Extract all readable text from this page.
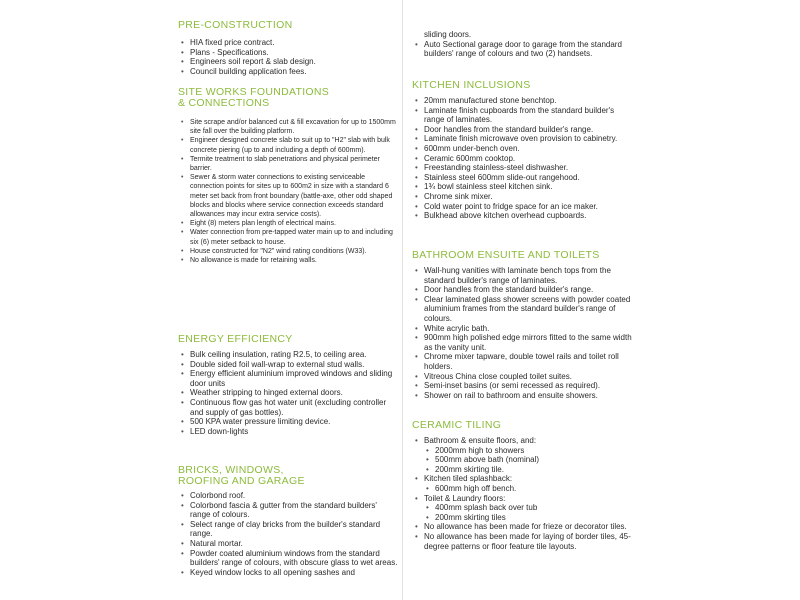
PRE-CONSTRUCTION
• HIA fixed price contract.
• Plans - Specifications.
• Engineers soil report & slab design.
• Council building application fees.
SITE WORKS FOUNDATIONS
& CONNECTIONS
• Site scrape and/or balanced cut & fill excavation for up to 1500mm site fall over the building platform.
• Engineer designed concrete slab to suit up to "H2" slab with bulk concrete piering (up to and including a depth of 600mm).
• Termite treatment to slab penetrations and physical perimeter barrier.
• Sewer & storm water connections to existing serviceable connection points for sites up to 600m2 in size with a standard 6 meter set back from front boundary (battle-axe, other odd shaped blocks and blocks where service connection exceeds standard allowances may incur extra service costs).
• Eight (8) meters plan length of electrical mains.
• Water connection from pre-tapped water main up to and including six (6) meter setback to house.
• House constructed for "N2" wind rating conditions (W33).
• No allowance is made for retaining walls.
ENERGY EFFICIENCY
• Bulk ceiling insulation, rating R2.5, to ceiling area.
• Double sided foil wall-wrap to external stud walls.
• Energy efficient aluminium improved windows and sliding door units
• Weather stripping to hinged external doors.
• Continuous flow gas hot water unit (excluding controller and supply of gas bottles).
• 500 KPA water pressure limiting device.
• LED down-lights
BRICKS, WINDOWS,
ROOFING AND GARAGE
• Colorbond roof.
• Colorbond fascia & gutter from the standard builders' range of colours.
• Select range of clay bricks from the builder's standard range.
• Natural mortar.
• Powder coated aluminium windows from the standard builders' range of colours, with obscure glass to wet areas.
• Keyed window locks to all opening sashes and
sliding doors.
• Auto Sectional garage door to garage from the standard builders' range of colours and two (2) handsets.
KITCHEN INCLUSIONS
• 20mm manufactured stone benchtop.
• Laminate finish cupboards from the standard builder's range of laminates.
• Door handles from the standard builder's range.
• Laminate finish microwave oven provision to cabinetry.
• 600mm under-bench oven.
• Ceramic 600mm cooktop.
• Freestanding stainless-steel dishwasher.
• Stainless steel 600mm slide-out rangehood.
• 1¾ bowl stainless steel kitchen sink.
• Chrome sink mixer.
• Cold water point to fridge space for an ice maker.
• Bulkhead above kitchen overhead cupboards.
BATHROOM ENSUITE AND TOILETS
• Wall-hung vanities with laminate bench tops from the standard builder's range of laminates.
• Door handles from the standard builder's range.
• Clear laminated glass shower screens with powder coated aluminium frames from the standard builder's range of colours.
• White acrylic bath.
• 900mm high polished edge mirrors fitted to the same width as the vanity unit.
• Chrome mixer tapware, double towel rails and toilet roll holders.
• Vitreous China close coupled toilet suites.
• Semi-inset basins (or semi recessed as required).
• Shower on rail to bathroom and ensuite showers.
CERAMIC TILING
• Bathroom & ensuite floors, and:
• 2000mm high to showers
• 500mm above bath (nominal)
• 200mm skirting tile.
• Kitchen tiled splashback:
• 600mm high off bench.
• Toilet & Laundry floors:
• 400mm splash back over tub
• 200mm skirting tiles
• No allowance has been made for frieze or decorator tiles.
• No allowance has been made for laying of border tiles, 45-degree patterns or floor feature tile layouts.
